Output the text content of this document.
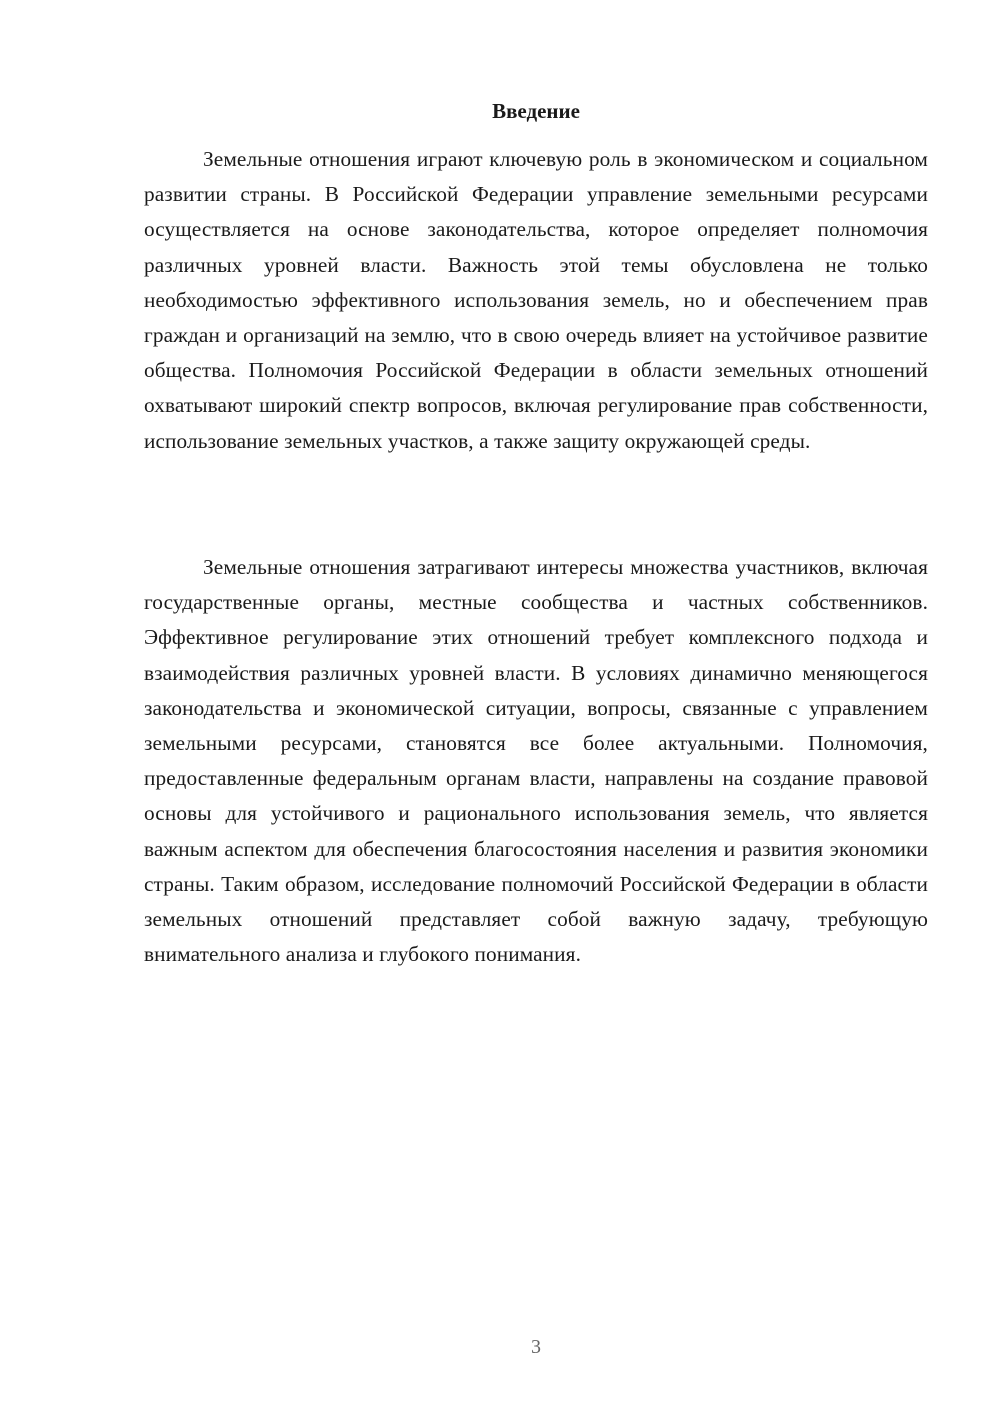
Введение

Земельные отношения играют ключевую роль в экономическом и социальном развитии страны. В Российской Федерации управление земельными ресурсами осуществляется на основе законодательства, которое определяет полномочия различных уровней власти. Важность этой темы обусловлена не только необходимостью эффективного использования земель, но и обеспечением прав граждан и организаций на землю, что в свою очередь влияет на устойчивое развитие общества. Полномочия Российской Федерации в области земельных отношений охватывают широкий спектр вопросов, включая регулирование прав собственности, использование земельных участков, а также защиту окружающей среды.

Земельные отношения затрагивают интересы множества участников, включая государственные органы, местные сообщества и частных собственников. Эффективное регулирование этих отношений требует комплексного подхода и взаимодействия различных уровней власти. В условиях динамично меняющегося законодательства и экономической ситуации, вопросы, связанные с управлением земельными ресурсами, становятся все более актуальными. Полномочия, предоставленные федеральным органам власти, направлены на создание правовой основы для устойчивого и рационального использования земель, что является важным аспектом для обеспечения благосостояния населения и развития экономики страны. Таким образом, исследование полномочий Российской Федерации в области земельных отношений представляет собой важную задачу, требующую внимательного анализа и глубокого понимания.

3
